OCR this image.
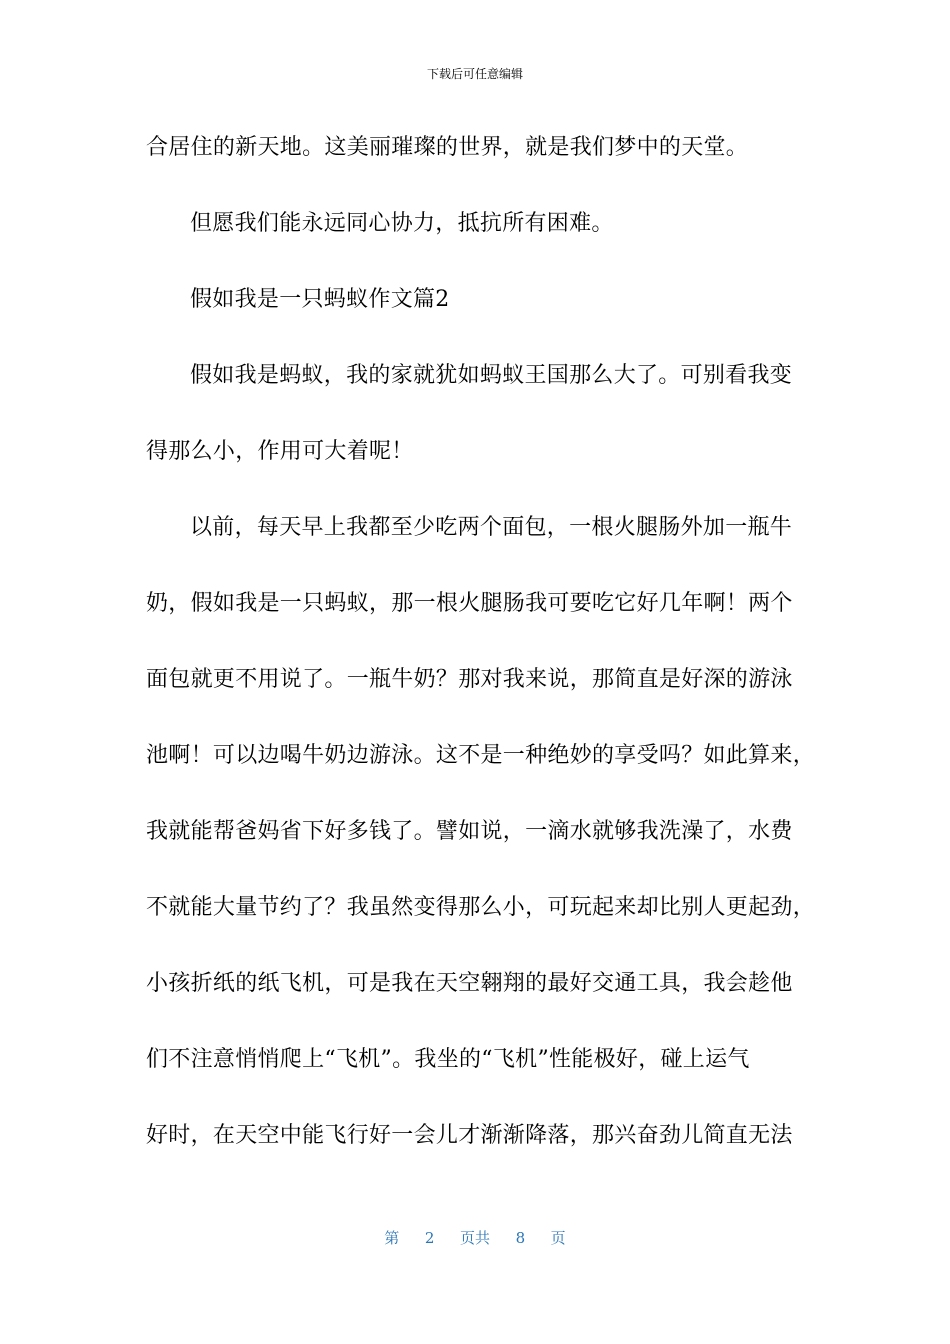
下载后可任意编辑
合居住的新天地。这美丽璀璨的世界，就是我们梦中的天堂。
但愿我们能永远同心协力，抵抗所有困难。
假如我是一只蚂蚁作文篇2
假如我是蚂蚁，我的家就犹如蚂蚁王国那么大了。可别看我变
得那么小，作用可大着呢！
以前，每天早上我都至少吃两个面包，一根火腿肠外加一瓶牛
奶，假如我是一只蚂蚁，那一根火腿肠我可要吃它好几年啊！两个
面包就更不用说了。一瓶牛奶？那对我来说，那简直是好深的游泳
池啊！可以边喝牛奶边游泳。这不是一种绝妙的享受吗？如此算来，
我就能帮爸妈省下好多钱了。譬如说，一滴水就够我洗澡了，水费
不就能大量节约了？我虽然变得那么小，可玩起来却比别人更起劲，
小孩折纸的纸飞机，可是我在天空翱翔的最好交通工具，我会趁他
们不注意悄悄爬上“飞机”。我坐的“飞机”性能极好，碰上运气
好时，在天空中能飞行好一会儿才渐渐降落，那兴奋劲儿简直无法
第 2 页共 8 页
